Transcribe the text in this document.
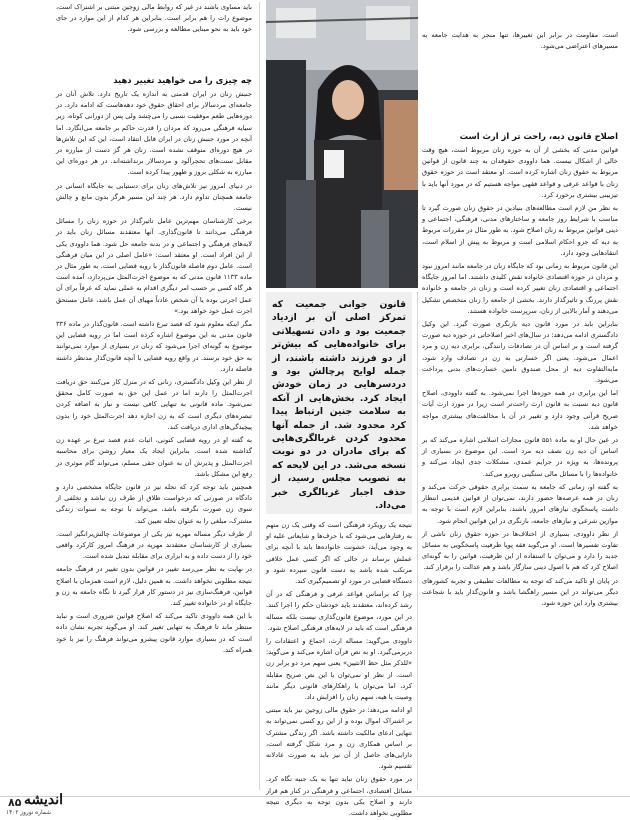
باید مساوی باشند در غیر که روابط مالی زوجین مبتنی بر اشتراک است، موضوع رات را هم برابر است. بنابراین هر کدام از این موارد در جای خود باید به نحو مبنایی مطالعه و بررسی شود.
چه چیزی را می خواهید تغییر دهید

جنبش زنان در ایران قدمتی به اندازه یک تاریخ دارد. تلاش آنان در جامعه‌ای مردسالار برای احقاق حقوق خود دهه‌هاست که ادامه دارد. در دوره‌هایی طعم موفقیت نسبی را می‌چشد ولی پس از دورانی کوتاه، زیر سیایه فرهنگی می‌رود که مردان را قدرت حاکم بر جامعه می‌انگارد. اما آنچه در مورد جنبش زنان در ایران قابل انتقاد است، این که این تلاش‌ها در هیچ دوره‌ای متوقف نشده است. زنان هر گز دست از مبارزه در مقابل سنت‌های تحجرآلود و مردسالار برنداشته‌اند. در هر دوره‌ای این مبارزه به شکلی بروز و ظهور پیدا کرده است.

در دنیای امروز نیز تلاش‌های زنان برای دستیابی به جایگاه انسانی در جامعه همچنان تداوم دارد. هر چند این مسیر هرگز بدون مانع و چالش نیست.

برخی کارشناسان مهم‌ترین عامل تاثیرگذار در حوزه زنان را مسائل فرهنگی می‌دانند تا قانون‌گذاری. آنها معتقدند مسائل زنان باید در لایه‌های فرهنگی و اجتماعی و در بدنه جامعه حل شود. هما داوودی یکی از این افراد است. او معتقد است: «عامل اصلی در این میان فرهنگی است. عامل دوم فاصله قانون‌گذار با رویه قضایی است. به طور مثال در ماده ۱۱۳۳ قانون مدنی که به موضوع اجرت‌المثل می‌پردازد، آمده است هر گاه کسی بر حسب امر دیگری اقدام به عملی نماید که عرفاً برای آن عمل اجرتی بوده یا آن شخص عادتاً مهیای آن عمل باشد، عامل مستحق اجرت عمل خود خواهد بود.»

مگر اینکه معلوم شود که قصد تبرع داشته است. قانون‌گذار در ماده ۳۳۶ قانون مدنی به این موضوع اشاره کرده است اما در رویه قضایی این موضوع به گونه‌ای اجرا می‌شود که زنان در بسیاری از موارد نمی‌توانند به حق خود برسند. در واقع رویه قضایی با آنچه قانون‌گذار مدنظر داشته فاصله دارد.

از نظر این وکیل دادگستری، زنانی که در منزل کار می‌کنند حق دریافت اجرت‌المثل را دارند اما در عمل این حق به صورت کامل محقق نمی‌شود. ماده قانونی به تنهایی کافی نیست و نیاز به اضافه کردن تبصره‌های دیگری است که به زن اجازه دهد اجرت‌المثل خود را بدون پیچیدگی‌های اداری دریافت کند.

به گفته او در رویه قضایی کنونی، اثبات عدم قصد تبرع بر عهده زن گذاشته شده است. بنابراین ایجاد یک معیار روشن برای محاسبه اجرت‌المثل و پذیرش آن به عنوان حقی مسلم، می‌تواند گام موثری در رفع این مشکل باشد.

همچنین باید توجه کرد که نحله نیز در قانون جایگاه مشخصی دارد و دادگاه در صورتی که درخواست طلاق از طرف زن نباشد و تخلفی از سوی زن صورت نگرفته باشد، می‌تواند با توجه به سنوات زندگی مشترک، مبلغی را به عنوان نحله تعیین کند.

از طرف دیگر مساله مهریه نیز یکی از موضوعات چالش‌برانگیز است. بسیاری از کارشناسان معتقدند مهریه در فرهنگ امروز کارکرد واقعی خود را از دست داده و به ابزاری برای مقابله تبدیل شده است.

در نهایت به نظر می‌رسد تغییر در قوانین بدون تغییر در فرهنگ جامعه نتیجه مطلوبی نخواهد داشت. به همین دلیل، لازم است همزمان با اصلاح قوانین، فرهنگ‌سازی نیز در دستور کار قرار گیرد تا نگاه جامعه به زن و جایگاه او در خانواده تغییر کند.

با این همه داوودی تاکید می‌کند که اصلاح قوانین ضروری است و نباید منتظر ماند تا فرهنگ به تنهایی تغییر کند. او می‌گوید تجربه نشان داده است که در بسیاری موارد قانون پیشرو می‌تواند فرهنگ را نیز با خود همراه کند.

قانون جوانی جمعیت که تمرکز اصلی آن بر ازدیاد جمعیت بود و دادن تسهیلاتی برای خانواده‌هایی که بیش‌تر از دو فرزند داشته باشند، از جمله لوایح پرچالش بود و دردسرهایی در زمان خودش ایجاد کرد. بخش‌هایی از آنکه به سلامت جنین ارتباط پیدا کرد محدود شد. از جمله آنها محدود کردن غربالگری‌هایی که برای مادران در دو نوبت نسخه می‌شد. در این لایحه که به تصویب مجلس رسید، از حذف اجبار غربالگری خبر می‌داد.

نتیجه یک رویکرد فرهنگی است که وقتی یک زن متهم به رفتارهایی می‌شود که با حرف‌ها و شایعاتی علیه او به وجود می‌آید، خشونت خانواده‌ها باید با آنچه برای عملش برساند در حالی که اگر کسی عمل خلافی مرتکب شده باشد به دست قانون سپرده شود و دستگاه قضایی در مورد او تصمیم‌گیری کند.

چرا که براساس قواعد عرفی و فرهنگی که در آن رشد کرده‌اند، معتقدند باید خودشان حکم را اجرا کنند. در این مورد، موضوع قانون‌گذاری نیست بلکه مساله فرهنگی است که باید در لایه‌های فرهنگی اصلاح شود.

داوودی می‌گوید: مساله ارث، اجماع و اعتقادات را دربرمی‌گیرد. او به نص قرآن اشاره می‌کند و می‌گوید: «للذکر مثل حظ الانثیین» یعنی سهم مرد دو برابر زن است. از نظر او نمی‌توان با این نص صریح مقابله کرد، اما می‌توان با راهکارهای قانونی دیگر مانند وصیت یا هبه، سهم زنان را افزایش داد.

او ادامه می‌دهد: در حقوق مالی زوجین نیز باید مبتنی بر اشتراک اموال بوده و از این رو کسی نمی‌تواند به تنهایی ادعای مالکیت داشته باشد. اگر زندگی مشترک بر اساس همکاری زن و مرد شکل گرفته است، دارایی‌های حاصل از آن نیز باید به صورت عادلانه تقسیم شود.

در مورد حقوق زنان نباید تنها به یک جنبه نگاه کرد. مسائل اقتصادی، اجتماعی و فرهنگی در کنار هم قرار دارند و اصلاح یکی بدون توجه به دیگری نتیجه مطلوبی نخواهد داشت.

است. مقاومت در برابر این تغییرها، تنها منجر به هدایت جامعه به مسیرهای اعتراضی می‌شود.

اصلاح قانون دیه، راحت تر از ارث است

قوانین مدنی که بخشی از آن به حوزه زنان مربوط است، هیچ وقت خالی از اشکال نیست. هما داوودی حقوقدان به چند قانون از قوانین مربوط به حقوق زنان اشاره کرده است. او معتقد است در حوزه حقوق زنان با قواعد عرفی و قواعد فقهی مواجه هستیم که در مورد آنها باید با تیزبینی بیشتری برخورد کرد.

به نظر من لازم است مطالعه‌های بنیادین در حقوق زنان صورت گیرد تا مناسب با شرایط روز جامعه و ساختارهای مدنی، فرهنگی، اجتماعی و دینی قوانین مربوط به زنان اصلاح شود. به طور مثال در مقررات مربوط به دیه که جزو احکام اسلامی است و مربوط به پیش از اسلام است، انتقادهایی وجود دارد.

این قانون مربوط به زمانی بود که جایگاه زنان در جامعه مانند امروز نبود و مردان در حوزه اقتصادی خانواده نقش کلیدی داشتند. اما امروز جایگاه اجتماعی و اقتصادی زنان تغییر کرده است و زنان در جامعه و خانواده نقش پررنگ و تاثیرگذار دارند. بخشی از جامعه را زنان متخصص تشکیل می‌دهند و آمار بالایی از زنان، سرپرست خانواده هستند.

بنابراین باید در مورد قانون دیه بازنگری صورت گیرد. این وکیل دادگستری ادامه می‌دهد: در سال‌های اخیر اصلاحاتی در حوزه دیه صورت گرفته است و بر اساس آن در تصادفات رانندگی، برابری دیه زن و مرد اعمال می‌شود. یعنی اگر خسارتی به زن در تصادف وارد شود، مابه‌التفاوت دیه از محل صندوق تامین خسارت‌های بدنی پرداخت می‌شود.

اما این برابری در همه حوزه‌ها اجرا نمی‌شود. به گفته داوودی، اصلاح قانون دیه نسبت به قانون ارث راحت‌تر است زیرا در مورد ارث آیات صریح قرآنی وجود دارد و تغییر در آن با مخالفت‌های بیشتری مواجه خواهد شد.

در عین حال او به ماده ۵۵۱ قانون مجازات اسلامی اشاره می‌کند که بر اساس آن دیه زن نصف دیه مرد است. این موضوع در بسیاری از پرونده‌ها، به ویژه در جرایم عمدی، مشکلات جدی ایجاد می‌کند و خانواده‌ها را با مسائل مالی سنگینی روبرو می‌کند.

به گفته او، زمانی که جامعه به سمت برابری حقوقی حرکت می‌کند و زنان در همه عرصه‌ها حضور دارند، نمی‌توان از قوانین قدیمی انتظار داشت پاسخگوی نیازهای امروز باشند. بنابراین لازم است با توجه به موازین شرعی و نیازهای جامعه، بازنگری در این قوانین انجام شود.

از نظر داوودی، بسیاری از اختلاف‌ها در حوزه حقوق زنان ناشی از تفاوت تفسیرها است. او می‌گوید فقه پویا ظرفیت پاسخگویی به مسائل جدید را دارد و می‌توان با استفاده از این ظرفیت، قوانین را به گونه‌ای اصلاح کرد که هم با اصول دینی سازگار باشد و هم عدالت را برقرار کند.

در پایان او تاکید می‌کند که توجه به مطالعات تطبیقی و تجربه کشورهای دیگر می‌تواند در این مسیر راهگشا باشد و قانون‌گذار باید با شجاعت بیشتری وارد این حوزه شود.

۸۵ اندیشه
شماره نوروز ۱۴۰۲
